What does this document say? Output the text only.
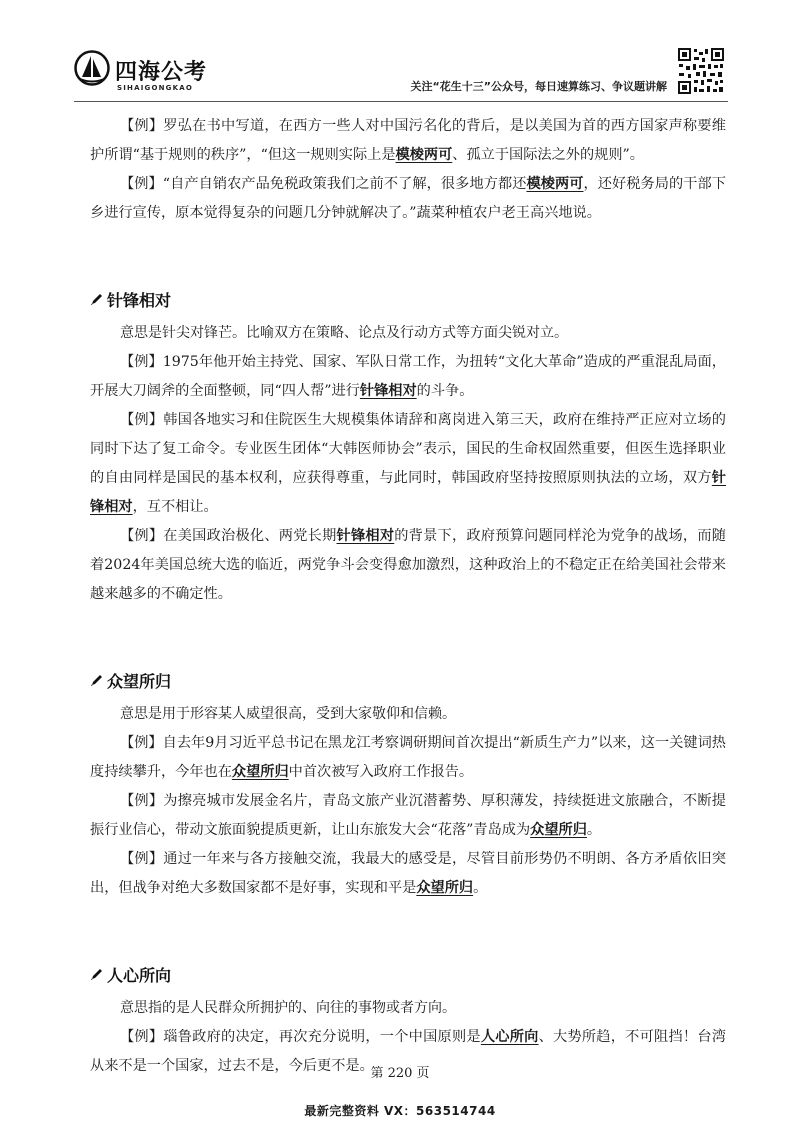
四海公考
SIHAIGONGKAO	关注“花生十三”公众号，每日速算练习、争议题讲解

【例】罗弘在书中写道，在西方一些人对中国污名化的背后，是以美国为首的西方国家声称要维护所谓“基于规则的秩序”，“但这一规则实际上是模棱两可、孤立于国际法之外的规则”。

【例】“自产自销农产品免税政策我们之前不了解，很多地方都还模棱两可，还好税务局的干部下乡进行宣传，原本觉得复杂的问题几分钟就解决了。”蔬菜种植农户老王高兴地说。

针锋相对

意思是针尖对锋芒。比喻双方在策略、论点及行动方式等方面尖锐对立。

【例】1975年他开始主持党、国家、军队日常工作，为扭转“文化大革命”造成的严重混乱局面，开展大刀阔斧的全面整顿，同“四人帮”进行针锋相对的斗争。

【例】韩国各地实习和住院医生大规模集体请辞和离岗进入第三天，政府在维持严正应对立场的同时下达了复工命令。专业医生团体“大韩医师协会”表示，国民的生命权固然重要，但医生选择职业的自由同样是国民的基本权利，应获得尊重，与此同时，韩国政府坚持按照原则执法的立场，双方针锋相对，互不相让。

【例】在美国政治极化、两党长期针锋相对的背景下，政府预算问题同样沦为党争的战场，而随着2024年美国总统大选的临近，两党争斗会变得愈加激烈，这种政治上的不稳定正在给美国社会带来越来越多的不确定性。

众望所归

意思是用于形容某人威望很高，受到大家敬仰和信赖。

【例】自去年9月习近平总书记在黑龙江考察调研期间首次提出“新质生产力”以来，这一关键词热度持续攀升，今年也在众望所归中首次被写入政府工作报告。

【例】为擦亮城市发展金名片，青岛文旅产业沉潜蓄势、厚积薄发，持续挺进文旅融合，不断提振行业信心，带动文旅面貌提质更新，让山东旅发大会“花落”青岛成为众望所归。

【例】通过一年来与各方接触交流，我最大的感受是，尽管目前形势仍不明朗、各方矛盾依旧突出，但战争对绝大多数国家都不是好事，实现和平是众望所归。

人心所向

意思指的是人民群众所拥护的、向往的事物或者方向。

【例】瑙鲁政府的决定，再次充分说明，一个中国原则是人心所向、大势所趋，不可阻挡！台湾从来不是一个国家，过去不是，今后更不是。

第 220 页
最新完整资料 VX：563514744
